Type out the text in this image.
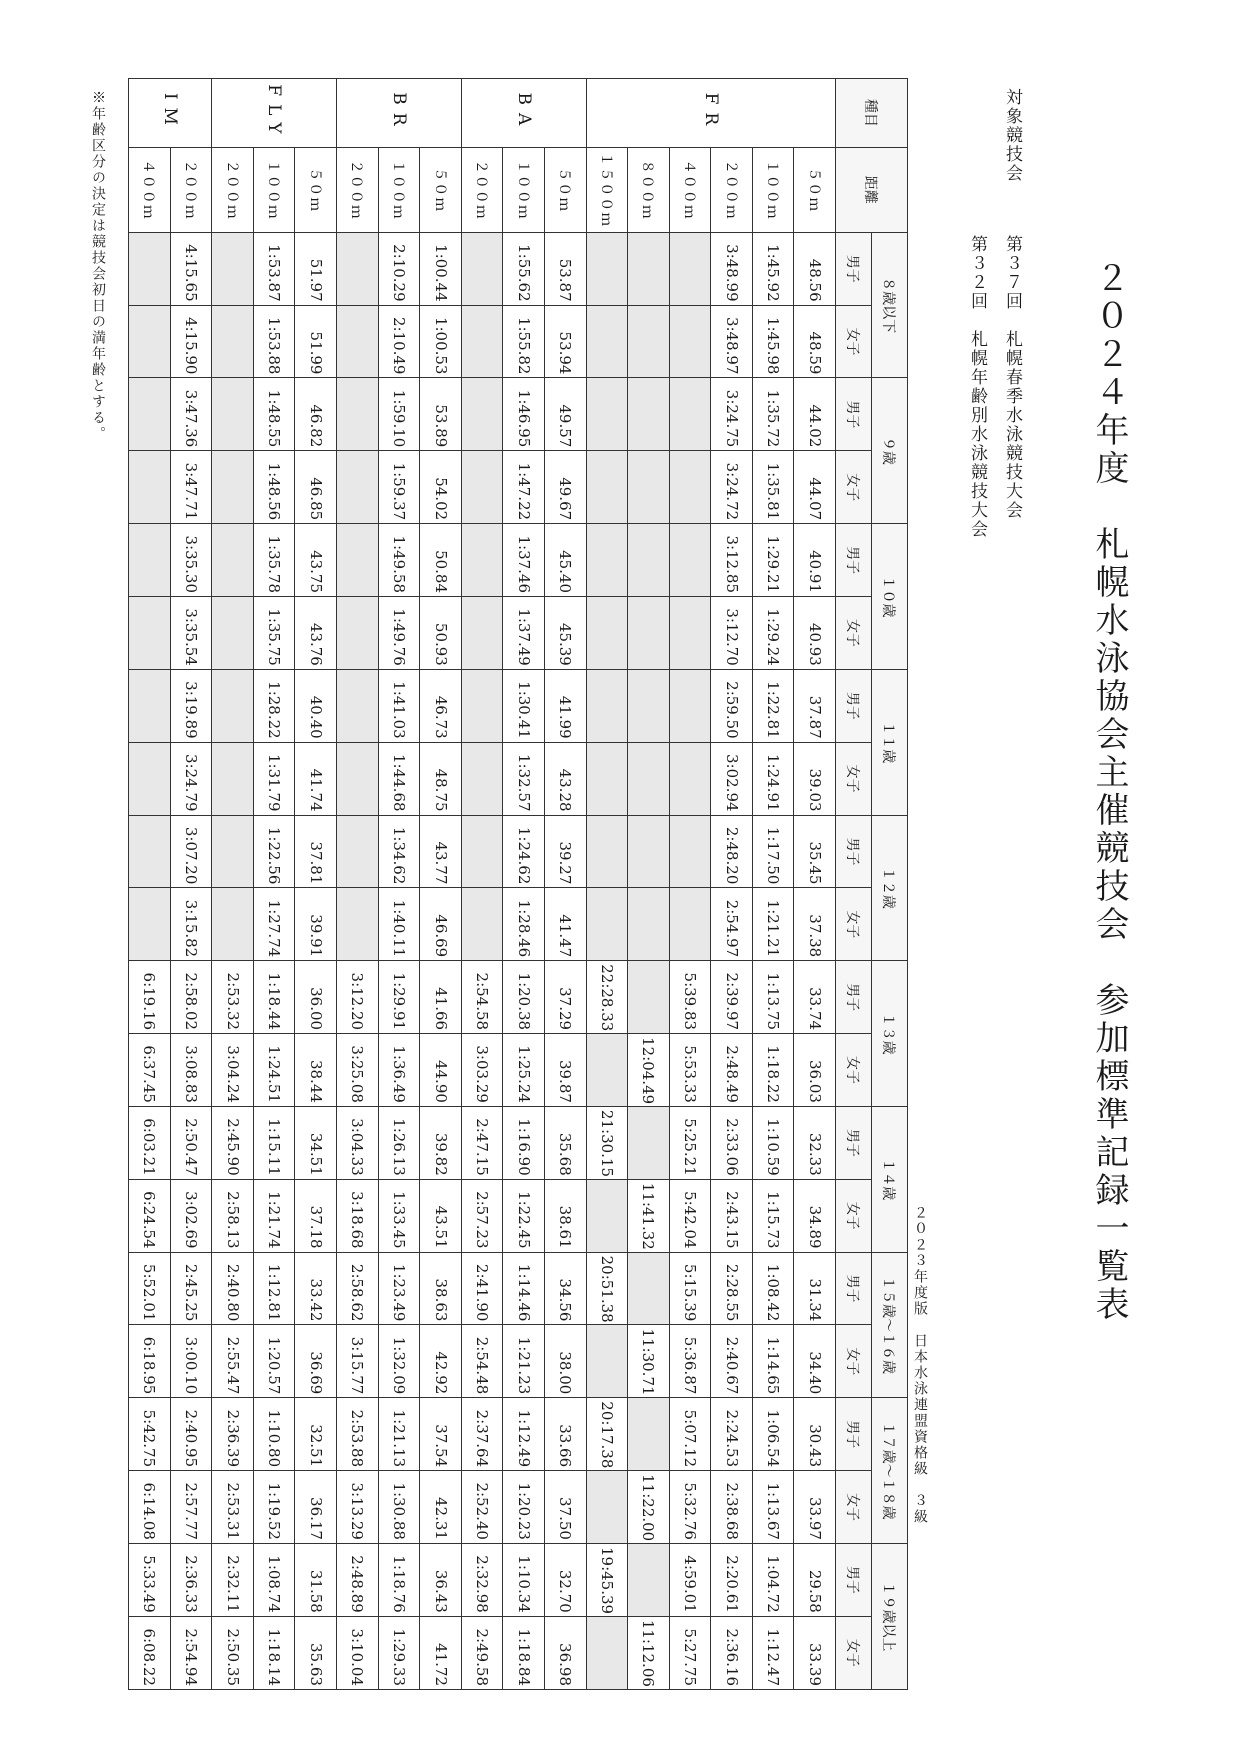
２０２４年度　札幌水泳協会主催競技会　参加標準記録一覧表
対象競技会
第３７回　札幌春季水泳競技大会
第３２回　札幌年齢別水泳競技大会
２０２３年度版　日本水泳連盟資格級　３級
※年齢区分の決定は競技会初日の満年齢とする。	種目	距離	８歳以下		９歳		１０歳		１１歳		１２歳		１３歳		１４歳		１５歳～１６歳		１７歳～１８歳		１９歳以上	
		男子	女子	男子	女子	男子	女子	男子	女子	男子	女子	男子	女子	男子	女子	男子	女子	男子	女子	男子	女子
FR	５０ｍ	48.56	48.59	44.02	44.07	40.91	40.93	37.87	39.03	35.45	37.38	33.74	36.03	32.33	34.89	31.34	34.40	30.43	33.97	29.58	33.39
	１００ｍ	1:45.92	1:45.98	1:35.72	1:35.81	1:29.21	1:29.24	1:22.81	1:24.91	1:17.50	1:21.21	1:13.75	1:18.22	1:10.59	1:15.73	1:08.42	1:14.65	1:06.54	1:13.67	1:04.72	1:12.47
	２００ｍ	3:48.99	3:48.97	3:24.75	3:24.72	3:12.85	3:12.70	2:59.50	3:02.94	2:48.20	2:54.97	2:39.97	2:48.49	2:33.06	2:43.15	2:28.55	2:40.67	2:24.53	2:38.68	2:20.61	2:36.16
	４００ｍ											5:39.83	5:53.33	5:25.21	5:42.04	5:15.39	5:36.87	5:07.12	5:32.76	4:59.01	5:27.75
	８００ｍ												12:04.49		11:41.32		11:30.71		11:22.00		11:12.06
	１５００ｍ											22:28.33		21:30.15		20:51.38		20:17.38		19:45.39	
BA	５０ｍ	53.87	53.94	49.57	49.67	45.40	45.39	41.99	43.28	39.27	41.47	37.29	39.87	35.68	38.61	34.56	38.00	33.66	37.50	32.70	36.98
	１００ｍ	1:55.62	1:55.82	1:46.95	1:47.22	1:37.46	1:37.49	1:30.41	1:32.57	1:24.62	1:28.46	1:20.38	1:25.24	1:16.90	1:22.45	1:14.46	1:21.23	1:12.49	1:20.23	1:10.34	1:18.84
	２００ｍ											2:54.58	3:03.29	2:47.15	2:57.23	2:41.90	2:54.48	2:37.64	2:52.40	2:32.98	2:49.58
BR	５０ｍ	1:00.44	1:00.53	53.89	54.02	50.84	50.93	46.73	48.75	43.77	46.69	41.66	44.90	39.82	43.51	38.63	42.92	37.54	42.31	36.43	41.72
	１００ｍ	2:10.29	2:10.49	1:59.10	1:59.37	1:49.58	1:49.76	1:41.03	1:44.68	1:34.62	1:40.11	1:29.91	1:36.49	1:26.13	1:33.45	1:23.49	1:32.09	1:21.13	1:30.88	1:18.76	1:29.33
	２００ｍ											3:12.20	3:25.08	3:04.33	3:18.68	2:58.62	3:15.77	2:53.88	3:13.29	2:48.89	3:10.04
FLY	５０ｍ	51.97	51.99	46.82	46.85	43.75	43.76	40.40	41.74	37.81	39.91	36.00	38.44	34.51	37.18	33.42	36.69	32.51	36.17	31.58	35.63
	１００ｍ	1:53.87	1:53.88	1:48.55	1:48.56	1:35.78	1:35.75	1:28.22	1:31.79	1:22.56	1:27.74	1:18.44	1:24.51	1:15.11	1:21.74	1:12.81	1:20.57	1:10.80	1:19.52	1:08.74	1:18.14
	２００ｍ											2:53.32	3:04.24	2:45.90	2:58.13	2:40.80	2:55.47	2:36.39	2:53.31	2:32.11	2:50.35
IM	２００ｍ	4:15.65	4:15.90	3:47.36	3:47.71	3:35.30	3:35.54	3:19.89	3:24.79	3:07.20	3:15.82	2:58.02	3:08.83	2:50.47	3:02.69	2:45.25	3:00.10	2:40.95	2:57.77	2:36.33	2:54.94
	４００ｍ											6:19.16	6:37.45	6:03.21	6:24.54	5:52.01	6:18.95	5:42.75	6:14.08	5:33.49	6:08.22
